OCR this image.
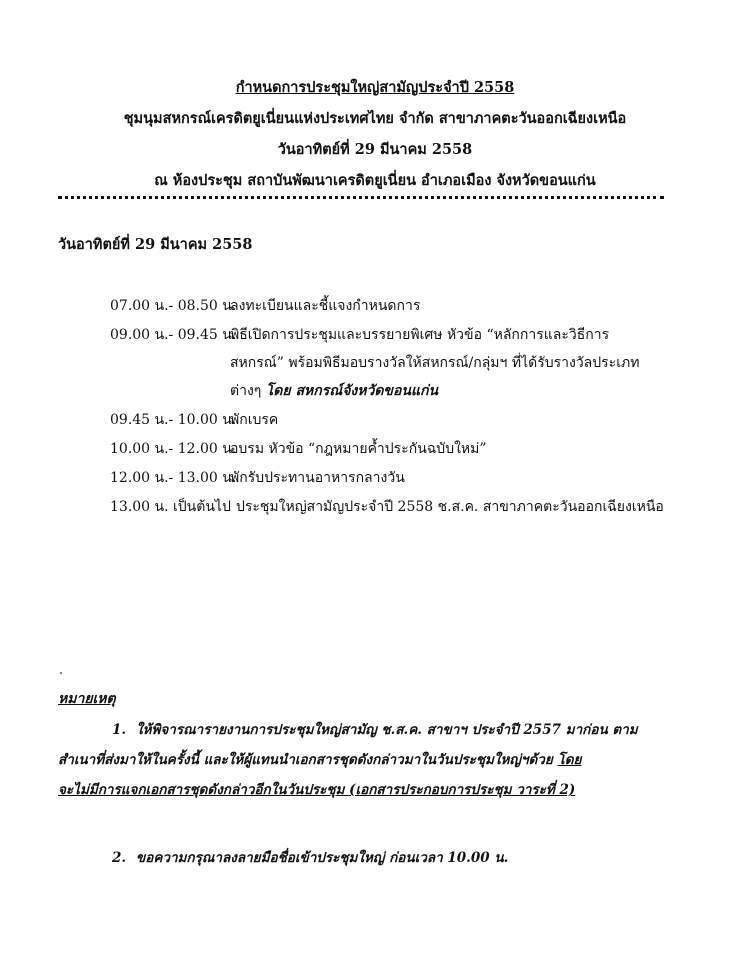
กำหนดการประชุมใหญ่สามัญประจำปี 2558
ชุมนุมสหกรณ์เครดิตยูเนี่ยนแห่งประเทศไทย จำกัด สาขาภาคตะวันออกเฉียงเหนือ
วันอาทิตย์ที่ 29 มีนาคม 2558
ณ ห้องประชุม สถาบันพัฒนาเครดิตยูเนี่ยน อำเภอเมือง จังหวัดขอนแก่น
วันอาทิตย์ที่ 29 มีนาคม 2558
07.00 น.- 08.50 น.
ลงทะเบียนและชี้แจงกำหนดการ
09.00 น.- 09.45 น.
พิธีเปิดการประชุมและบรรยายพิเศษ หัวข้อ “หลักการและวิธีการ
สหกรณ์” พร้อมพิธีมอบรางวัลให้สหกรณ์/กลุ่มฯ ที่ได้รับรางวัลประเภท
ต่างๆ โดย สหกรณ์จังหวัดขอนแก่น
09.45 น.- 10.00 น.
พักเบรค
10.00 น.- 12.00 น.
อบรม หัวข้อ “กฎหมายค้ำประกันฉบับใหม่”
12.00 น.- 13.00 น.
พักรับประทานอาหารกลางวัน
13.00 น. เป็นต้นไป ประชุมใหญ่สามัญประจำปี 2558 ช.ส.ค. สาขาภาคตะวันออกเฉียงเหนือ
หมายเหตุ
1. ให้พิจารณารายงานการประชุมใหญ่สามัญ ช.ส.ค. สาขาฯ ประจำปี 2557 มาก่อน ตาม
สำเนาที่ส่งมาให้ในครั้งนี้ และให้ผู้แทนนำเอกสารชุดดังกล่าวมาในวันประชุมใหญ่ฯด้วย โดย
จะไม่มีการแจกเอกสารชุดดังกล่าวอีกในวันประชุม (เอกสารประกอบการประชุม วาระที่ 2)
2. ขอความกรุณาลงลายมือชื่อเข้าประชุมใหญ่ ก่อนเวลา 10.00 น.
